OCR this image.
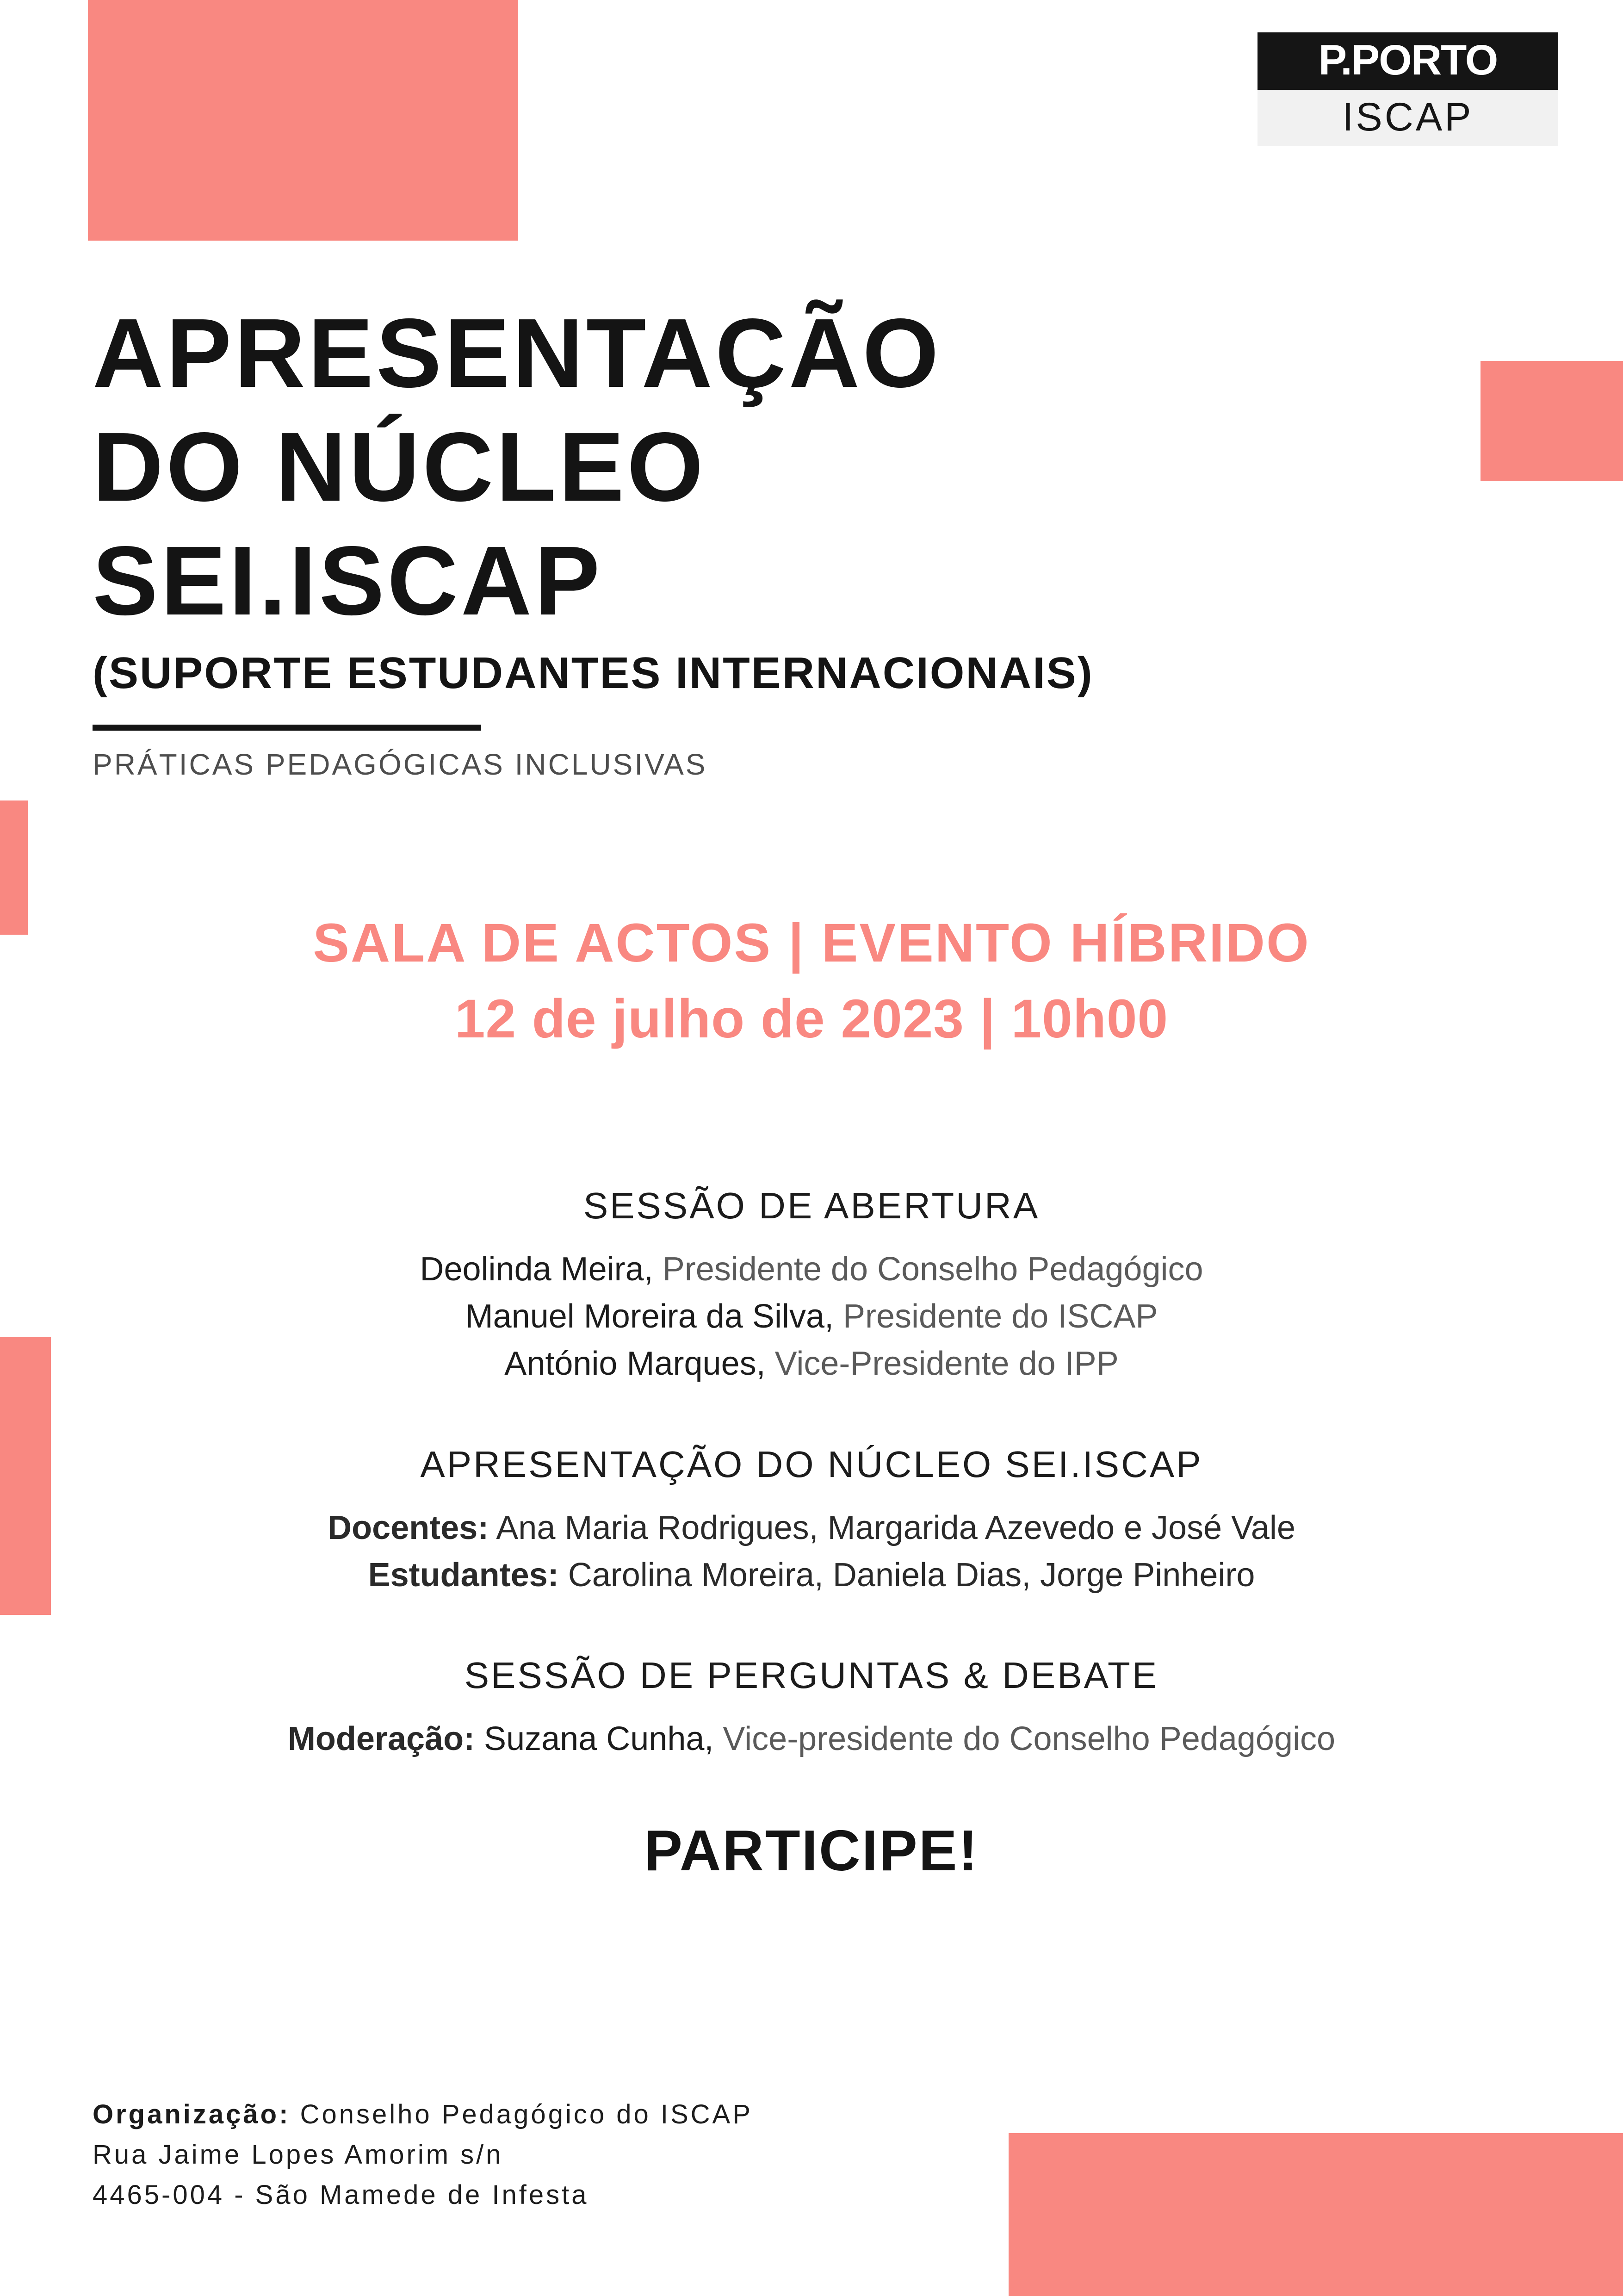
P.PORTO
ISCAP

APRESENTAÇÃO

DO NÚCLEO

SEI.ISCAP

(SUPORTE ESTUDANTES INTERNACIONAIS)

PRÁTICAS PEDAGÓGICAS INCLUSIVAS

SALA DE ACTOS | EVENTO HÍBRIDO

12 de julho de 2023 | 10h00

SESSÃO DE ABERTURA

Deolinda Meira, Presidente do Conselho Pedagógico

Manuel Moreira da Silva, Presidente do ISCAP

António Marques, Vice-Presidente do IPP

APRESENTAÇÃO DO NÚCLEO SEI.ISCAP

Docentes: Ana Maria Rodrigues, Margarida Azevedo e José Vale

Estudantes: Carolina Moreira, Daniela Dias, Jorge Pinheiro

SESSÃO DE PERGUNTAS & DEBATE

Moderação: Suzana Cunha, Vice-presidente do Conselho Pedagógico

PARTICIPE!

Organização: Conselho Pedagógico do ISCAP

Rua Jaime Lopes Amorim s/n

4465-004 - São Mamede de Infesta
